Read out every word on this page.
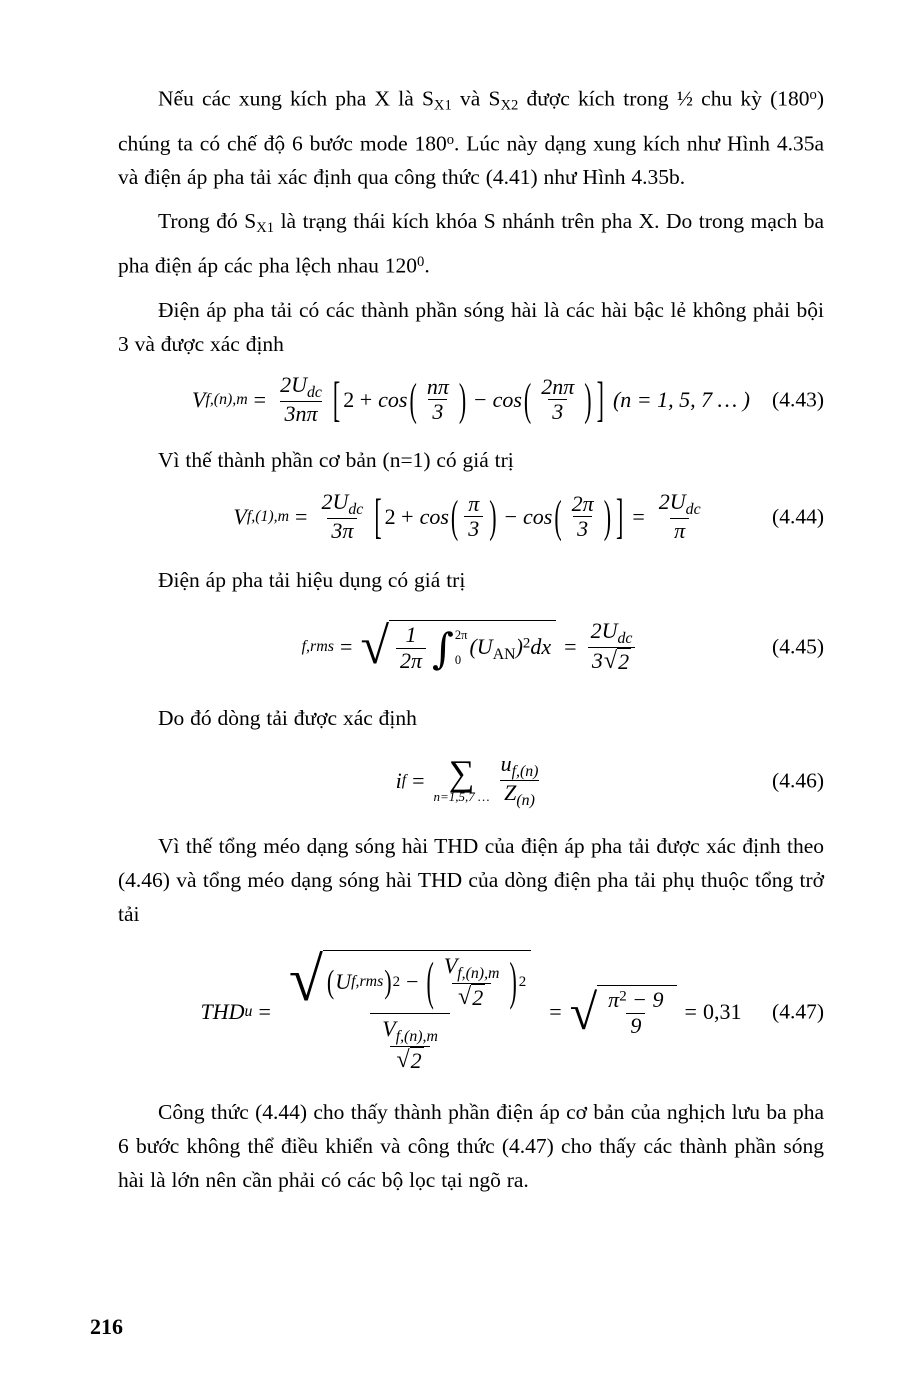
Nếu các xung kích pha X là $S_{X1}$ và $S_{X2}$ được kích trong ½ chu kỳ (180$^o$) chúng ta có chế độ 6 bước mode 180$^o$. Lúc này dạng xung kích như Hình 4.35a và điện áp pha tải xác định qua công thức (4.41) như Hình 4.35b.

Trong đó $S_{X1}$ là trạng thái kích khóa S nhánh trên pha X. Do trong mạch ba pha điện áp các pha lệch nhau $120^0$.

Điện áp pha tải có các thành phần sóng hài là các hài bậc lẻ không phải bội 3 và được xác định

V $f,(n),m = \frac{2U_{dc}}{3n\pi}$ [ 2 + cos ( $\frac{n\pi}{3}$ ) − cos ( $\frac{2n\pi}{3}$ ) ] (n = 1, 5, 7 … ) (4.43)

Vì thế thành phần cơ bản (n=1) có giá trị

V $f,(1),m = \frac{2U_{dc}}{3\pi}$ [ 2 + cos ( $\frac{\pi}{3}$ ) − cos ( $\frac{2\pi}{3}$ ) ] = $\frac{2U_{dc}}{\pi}$	(4.44)

Điện áp pha tải hiệu dụng có giá trị

f,rms = √ $\frac{1}{2\pi}$ ∫ 2π
0
$(U_{AN})^2dx = \frac{2U_{dc}}{3 √ 2}$	(4.45)

Do đó dòng tải được xác định

i f = ∑
n=1,5,7 … $\frac{u_{f,(n)}}{Z_{(n)}}$	(4.46)

Vì thế tổng méo dạng sóng hài THD của điện áp pha tải được xác định theo (4.46) và tổng méo dạng sóng hài THD của dòng điện pha tải phụ thuộc tổng trở tải

THD u = √ ( U f,rms ) 2 − ( $\frac{V_{f,(n),m}}{√ 2}$ ) 2
$\frac{V_{f,(n),m}}{√ 2}$
= √ $\frac{\pi^2 - 9}{9} = 0,31$ (4.47)

Công thức (4.44) cho thấy thành phần điện áp cơ bản của nghịch lưu ba pha 6 bước không thể điều khiển và công thức (4.47) cho thấy các thành phần sóng hài là lớn nên cần phải có các bộ lọc tại ngõ ra.

216
